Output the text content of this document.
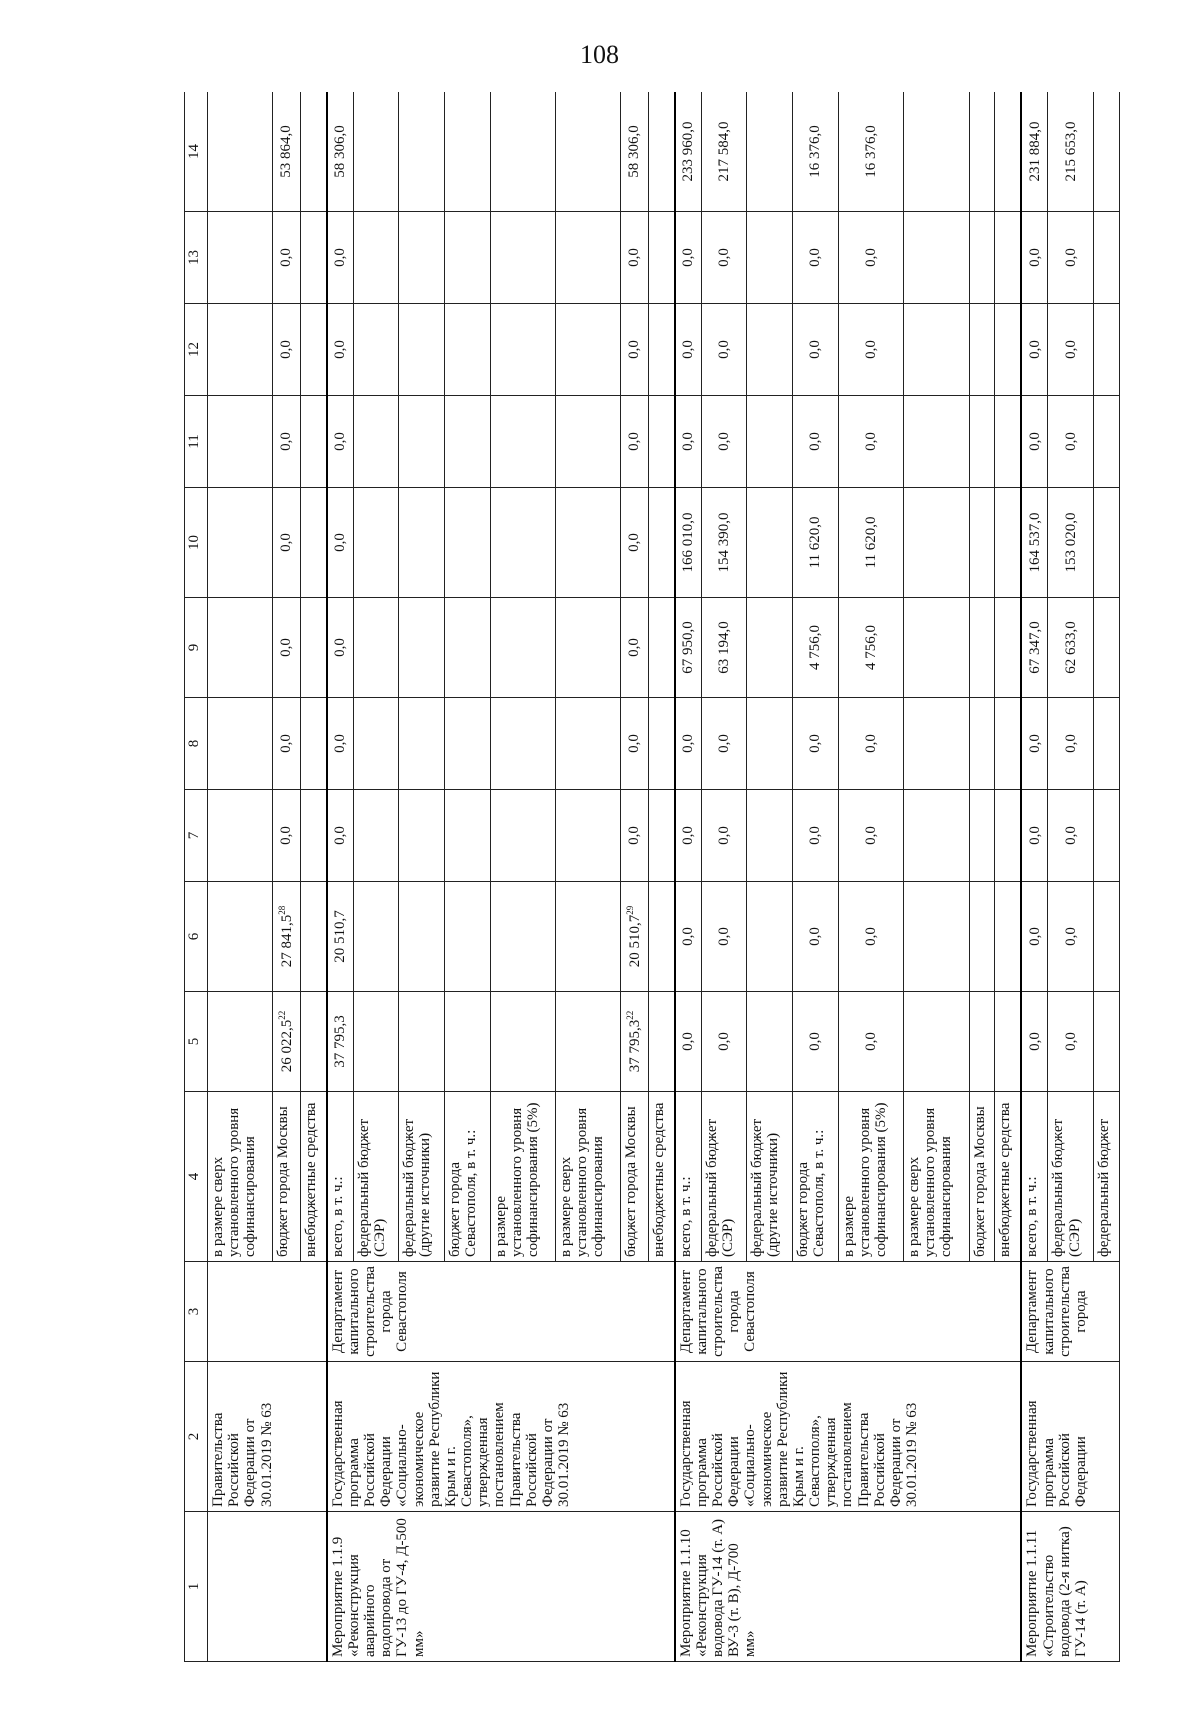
108
1	2	3	4	5	6	7	8	9	10	11	12	13	14
	Правительства Российской Федерации от 30.01.2019 № 63		в размере сверх установленного уровня софинансирования										
			бюджет города Москвы	26 022,5$^{22}$	27 841,5$^{28}$	0,0	0,0	0,0	0,0	0,0	0,0	0,0	53 864,0
			внебюджетные средства										
Мероприятие 1.1.9 «Реконструкция аварийного водопровода от ГУ-13 до ГУ-4, Д-500 мм»	Государственная программа Российской Федерации «Социально-экономическое развитие Республики Крым и г. Севастополя», утвержденная постановлением Правительства Российской Федерации от 30.01.2019 № 63	Департамент капитального строительства города Севастополя	всего, в т. ч.:	37 795,3	20 510,7	0,0	0,0	0,0	0,0	0,0	0,0	0,0	58 306,0
			федеральный бюджет (СЭР)										
			федеральный бюджет (другие источники)										
			бюджет города Севастополя, в т. ч.:										
			в размере установленного уровня софинансирования (5%)										
			в размере сверх установленного уровня софинансирования										
			бюджет города Москвы	37 795,3$^{22}$	20 510,7$^{29}$	0,0	0,0	0,0	0,0	0,0	0,0	0,0	58 306,0
			внебюджетные средства										
Мероприятие 1.1.10 «Реконструкция водовода ГУ-14 (т. А) ВУ-3 (т. В), Д-700 мм»	Государственная программа Российской Федерации «Социально-экономическое развитие Республики Крым и г. Севастополя», утвержденная постановлением Правительства Российской Федерации от 30.01.2019 № 63	Департамент капитального строительства города Севастополя	всего, в т. ч.:	0,0	0,0	0,0	0,0	67 950,0	166 010,0	0,0	0,0	0,0	233 960,0
			федеральный бюджет (СЭР)	0,0	0,0	0,0	0,0	63 194,0	154 390,0	0,0	0,0	0,0	217 584,0
			федеральный бюджет (другие источники)										
			бюджет города Севастополя, в т. ч.:	0,0	0,0	0,0	0,0	4 756,0	11 620,0	0,0	0,0	0,0	16 376,0
			в размере установленного уровня софинансирования (5%)	0,0	0,0	0,0	0,0	4 756,0	11 620,0	0,0	0,0	0,0	16 376,0
			в размере сверх установленного уровня софинансирования										
			бюджет города Москвы										
			внебюджетные средства										
Мероприятие 1.1.11 «Строительство водовода (2-я нитка) ГУ-14 (т. А)	Государственная программа Российской Федерации	Департамент капитального строительства города	всего, в т. ч.:	0,0	0,0	0,0	0,0	67 347,0	164 537,0	0,0	0,0	0,0	231 884,0
			федеральный бюджет (СЭР)	0,0	0,0	0,0	0,0	62 633,0	153 020,0	0,0	0,0	0,0	215 653,0
			федеральный бюджет										
